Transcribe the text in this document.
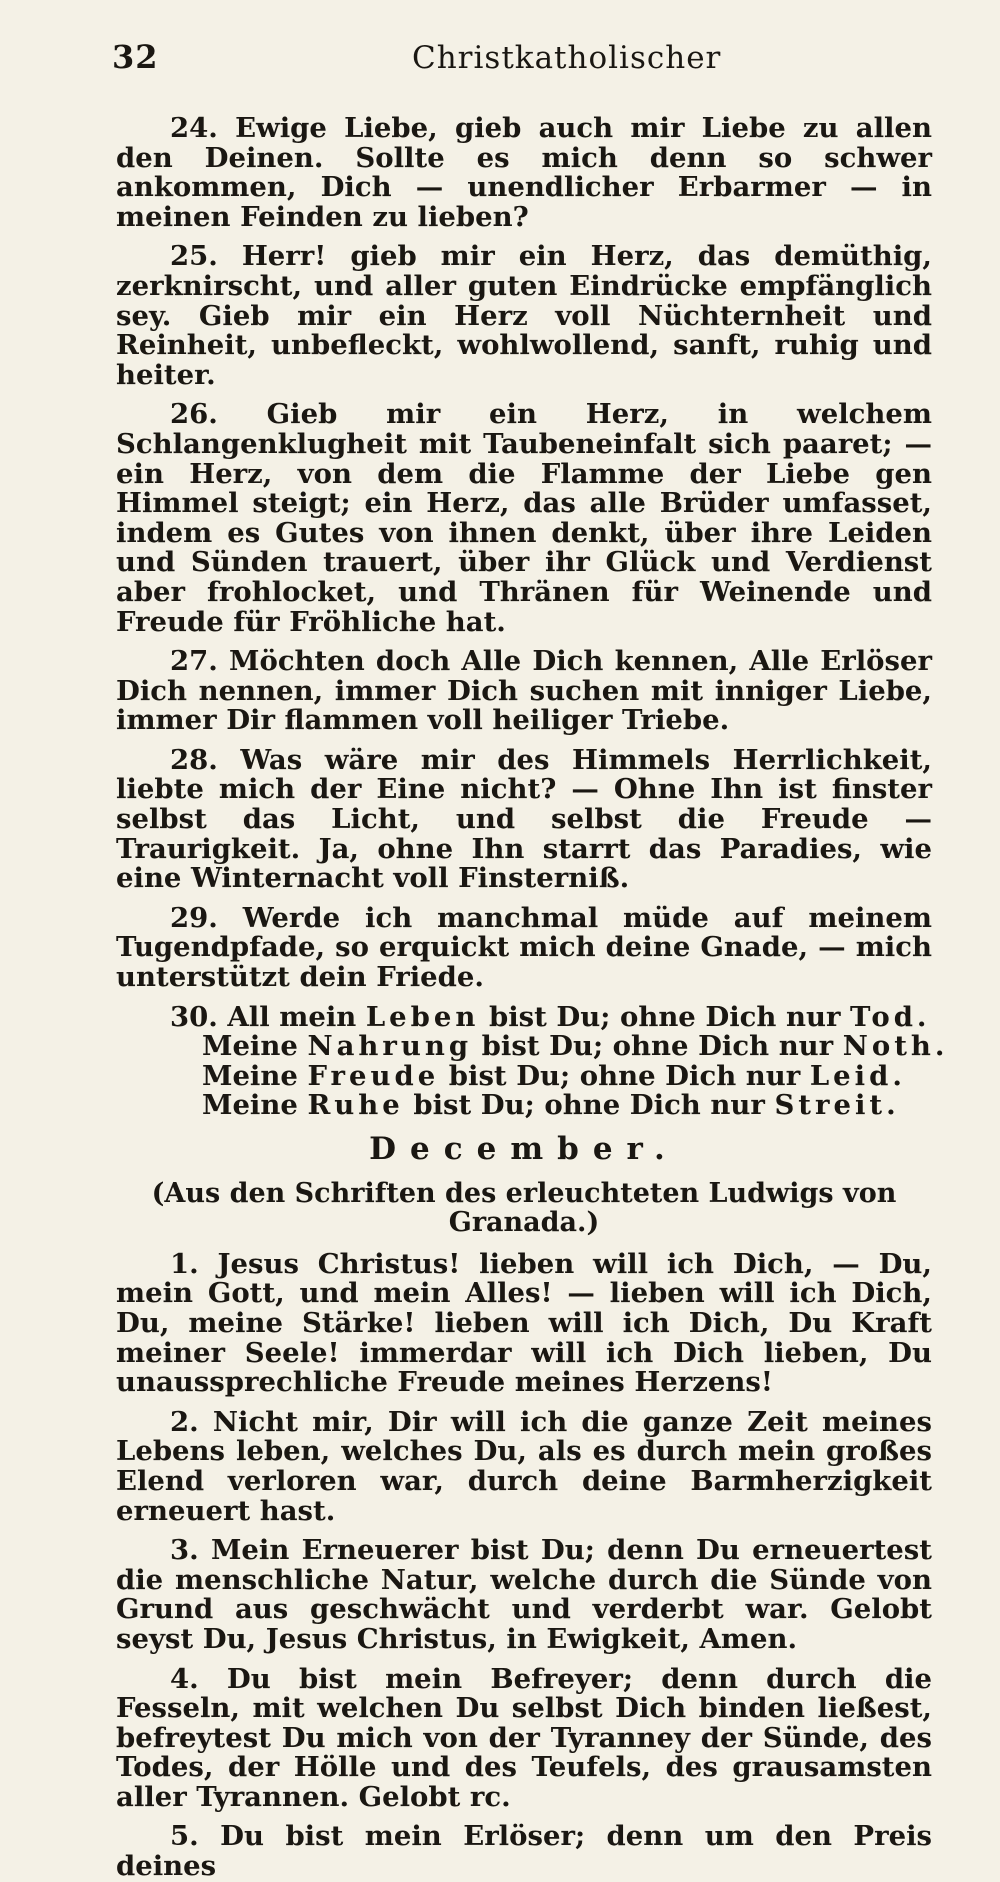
32	Christkatholischer

24. Ewige Liebe, gieb auch mir Liebe zu allen den Deinen. Sollte es mich denn so schwer ankommen, Dich — unendlicher Erbarmer — in meinen Feinden zu lieben?

25. Herr! gieb mir ein Herz, das demüthig, zerknirscht, und aller guten Eindrücke empfänglich sey. Gieb mir ein Herz voll Nüchternheit und Reinheit, unbefleckt, wohlwollend, sanft, ruhig und heiter.

26. Gieb mir ein Herz, in welchem Schlangenklugheit mit Taubeneinfalt sich paaret; — ein Herz, von dem die Flamme der Liebe gen Himmel steigt; ein Herz, das alle Brüder umfasset, indem es Gutes von ihnen denkt, über ihre Leiden und Sünden trauert, über ihr Glück und Verdienst aber frohlocket, und Thränen für Weinende und Freude für Fröhliche hat.

27. Möchten doch Alle Dich kennen, Alle Erlöser Dich nennen, immer Dich suchen mit inniger Liebe, immer Dir flammen voll heiliger Triebe.

28. Was wäre mir des Himmels Herrlichkeit, liebte mich der Eine nicht? — Ohne Ihn ist finster selbst das Licht, und selbst die Freude — Traurigkeit. Ja, ohne Ihn starrt das Paradies, wie eine Winternacht voll Finsterniß.

29. Werde ich manchmal müde auf meinem Tugendpfade, so erquickt mich deine Gnade, — mich unterstützt dein Friede.

30. All mein Leben bist Du; ohne Dich nur Tod.

Meine Nahrung bist Du; ohne Dich nur Noth.

Meine Freude bist Du; ohne Dich nur Leid.

Meine Ruhe bist Du; ohne Dich nur Streit.

December.
(Aus den Schriften des erleuchteten Ludwigs von Granada.)

1. Jesus Christus! lieben will ich Dich, — Du, mein Gott, und mein Alles! — lieben will ich Dich, Du, meine Stärke! lieben will ich Dich, Du Kraft meiner Seele! immerdar will ich Dich lieben, Du unaussprechliche Freude meines Herzens!

2. Nicht mir, Dir will ich die ganze Zeit meines Lebens leben, welches Du, als es durch mein großes Elend verloren war, durch deine Barmherzigkeit erneuert hast.

3. Mein Erneuerer bist Du; denn Du erneuertest die menschliche Natur, welche durch die Sünde von Grund aus geschwächt und verderbt war. Gelobt seyst Du, Jesus Christus, in Ewigkeit, Amen.

4. Du bist mein Befreyer; denn durch die Fesseln, mit welchen Du selbst Dich binden ließest, befreytest Du mich von der Tyranney der Sünde, des Todes, der Hölle und des Teufels, des grausamsten aller Tyrannen. Gelobt rc.

5. Du bist mein Erlöser; denn um den Preis deines
